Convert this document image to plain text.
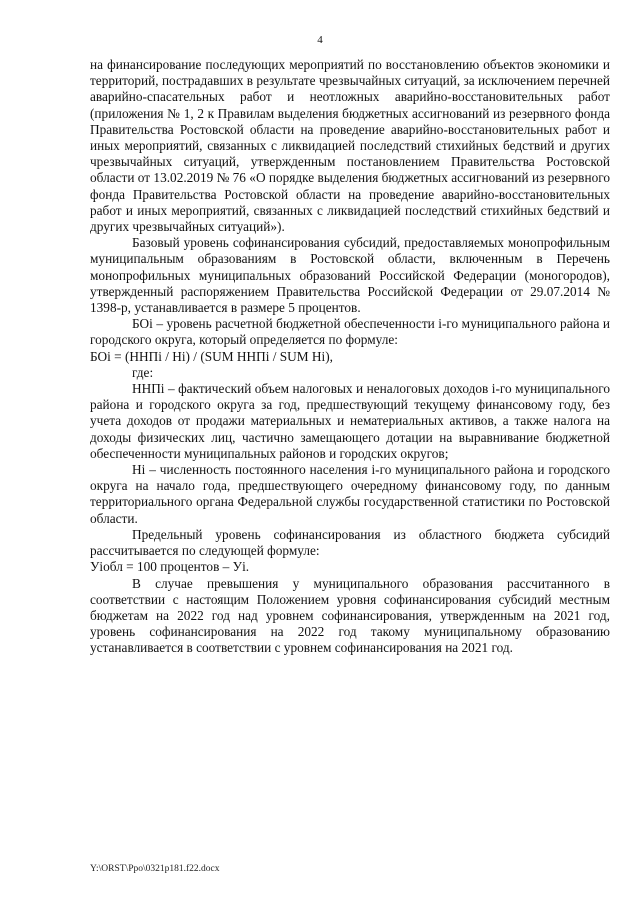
4

на финансирование последующих мероприятий по восстановлению объектов экономики и территорий, пострадавших в результате чрезвычайных ситуаций, за исключением перечней аварийно-спасательных работ и неотложных аварийно-восстановительных работ (приложения № 1, 2 к Правилам выделения бюджетных ассигнований из резервного фонда Правительства Ростовской области на проведение аварийно-восстановительных работ и иных мероприятий, связанных с ликвидацией последствий стихийных бедствий и других чрезвычайных ситуаций, утвержденным постановлением Правительства Ростовской области от 13.02.2019 № 76 «О порядке выделения бюджетных ассигнований из резервного фонда Правительства Ростовской области на проведение аварийно-восстановительных работ и иных мероприятий, связанных с ликвидацией последствий стихийных бедствий и других чрезвычайных ситуаций»).

Базовый уровень софинансирования субсидий, предоставляемых монопрофильным муниципальным образованиям в Ростовской области, включенным в Перечень монопрофильных муниципальных образований Российской Федерации (моногородов), утвержденный распоряжением Правительства Российской Федерации от 29.07.2014 № 1398-р, устанавливается в размере 5 процентов.

БОi – уровень расчетной бюджетной обеспеченности i-го муниципального района и городского округа, который определяется по формуле:

БОi = (ННПi / Нi) / (SUM ННПi / SUM Нi),

где:

ННПi – фактический объем налоговых и неналоговых доходов i-го муниципального района и городского округа за год, предшествующий текущему финансовому году, без учета доходов от продажи материальных и нематериальных активов, а также налога на доходы физических лиц, частично замещающего дотации на выравнивание бюджетной обеспеченности муниципальных районов и городских округов;

Нi – численность постоянного населения i-го муниципального района и городского округа на начало года, предшествующего очередному финансовому году, по данным территориального органа Федеральной службы государственной статистики по Ростовской области.

Предельный уровень софинансирования из областного бюджета субсидий рассчитывается по следующей формуле:

Уiобл = 100 процентов – Уi.

В случае превышения у муниципального образования рассчитанного в соответствии с настоящим Положением уровня софинансирования субсидий местным бюджетам на 2022 год над уровнем софинансирования, утвержденным на 2021 год, уровень софинансирования на 2022 год такому муниципальному образованию устанавливается в соответствии с уровнем софинансирования на 2021 год.

Y:\ORST\Ppo\0321p181.f22.docx
